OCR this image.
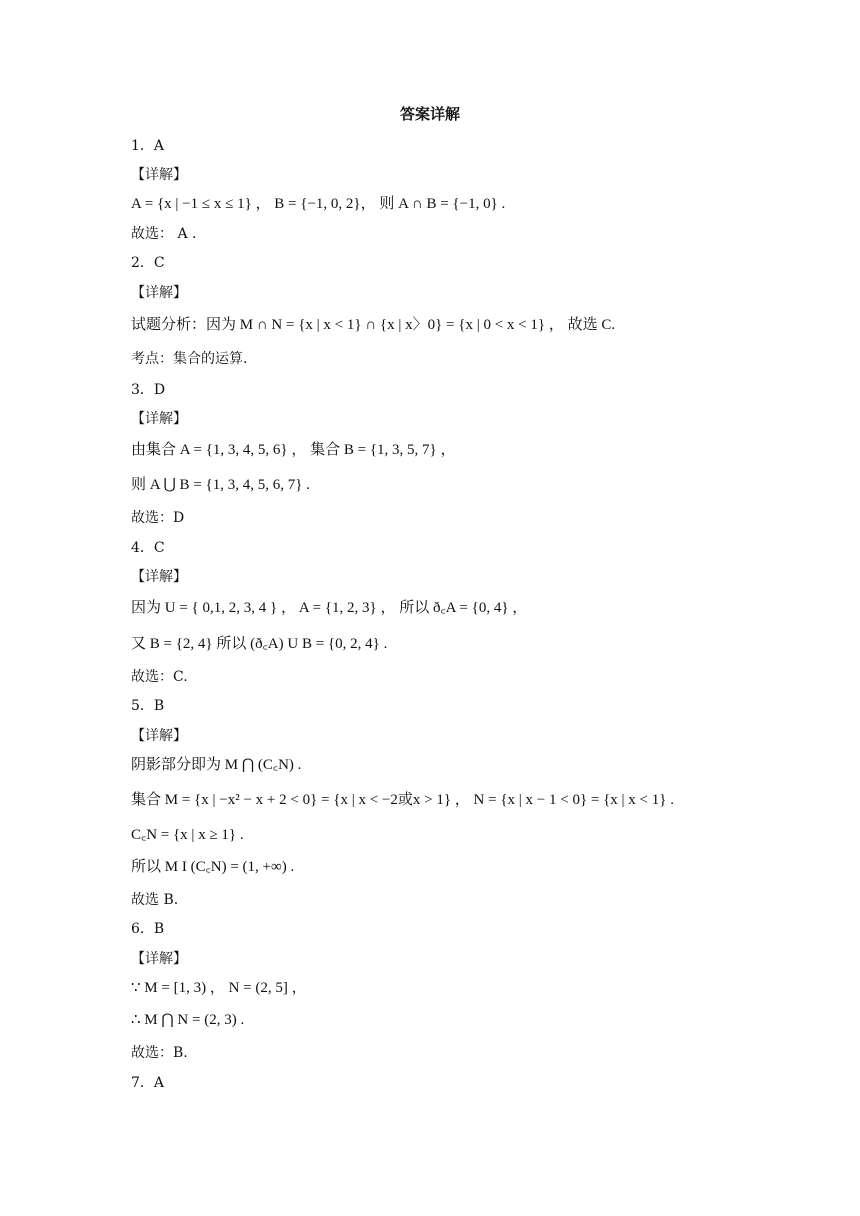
答案详解
1．A
【详解】
A = {x | −1 ≤ x ≤ 1} ， B = {−1, 0, 2}， 则 A ∩ B = {−1, 0} .
故选： A .
2．C
【详解】
试题分析：因为 M ∩ N = {x | x < 1} ∩ {x | x〉0} = {x | 0 < x < 1} ， 故选 C.
考点：集合的运算．
3．D
【详解】
由集合 A = {1, 3, 4, 5, 6} ， 集合 B = {1, 3, 5, 7} ，
则 A ⋃ B = {1, 3, 4, 5, 6, 7} .
故选：D
4．C
【详解】
因为 U = { 0,1, 2, 3, 4 } ， A = {1, 2, 3} ， 所以 ð꜀A = {0, 4} ，
又 B = {2, 4} 所以 (ð꜀A) U B = {0, 2, 4} .
故选：C.
5．B
【详解】
阴影部分即为 M ⋂ (C꜀N) .
集合 M = {x | −x² − x + 2 < 0} = {x | x < −2或x > 1} ， N = {x | x − 1 < 0} = {x | x < 1} .
C꜀N = {x | x ≥ 1} .
所以 M I (C꜀N) = (1, +∞) .
故选 B.
6．B
【详解】
∵ M = [1, 3) ， N = (2, 5] ，
∴ M ⋂ N = (2, 3) .
故选：B.
7．A
